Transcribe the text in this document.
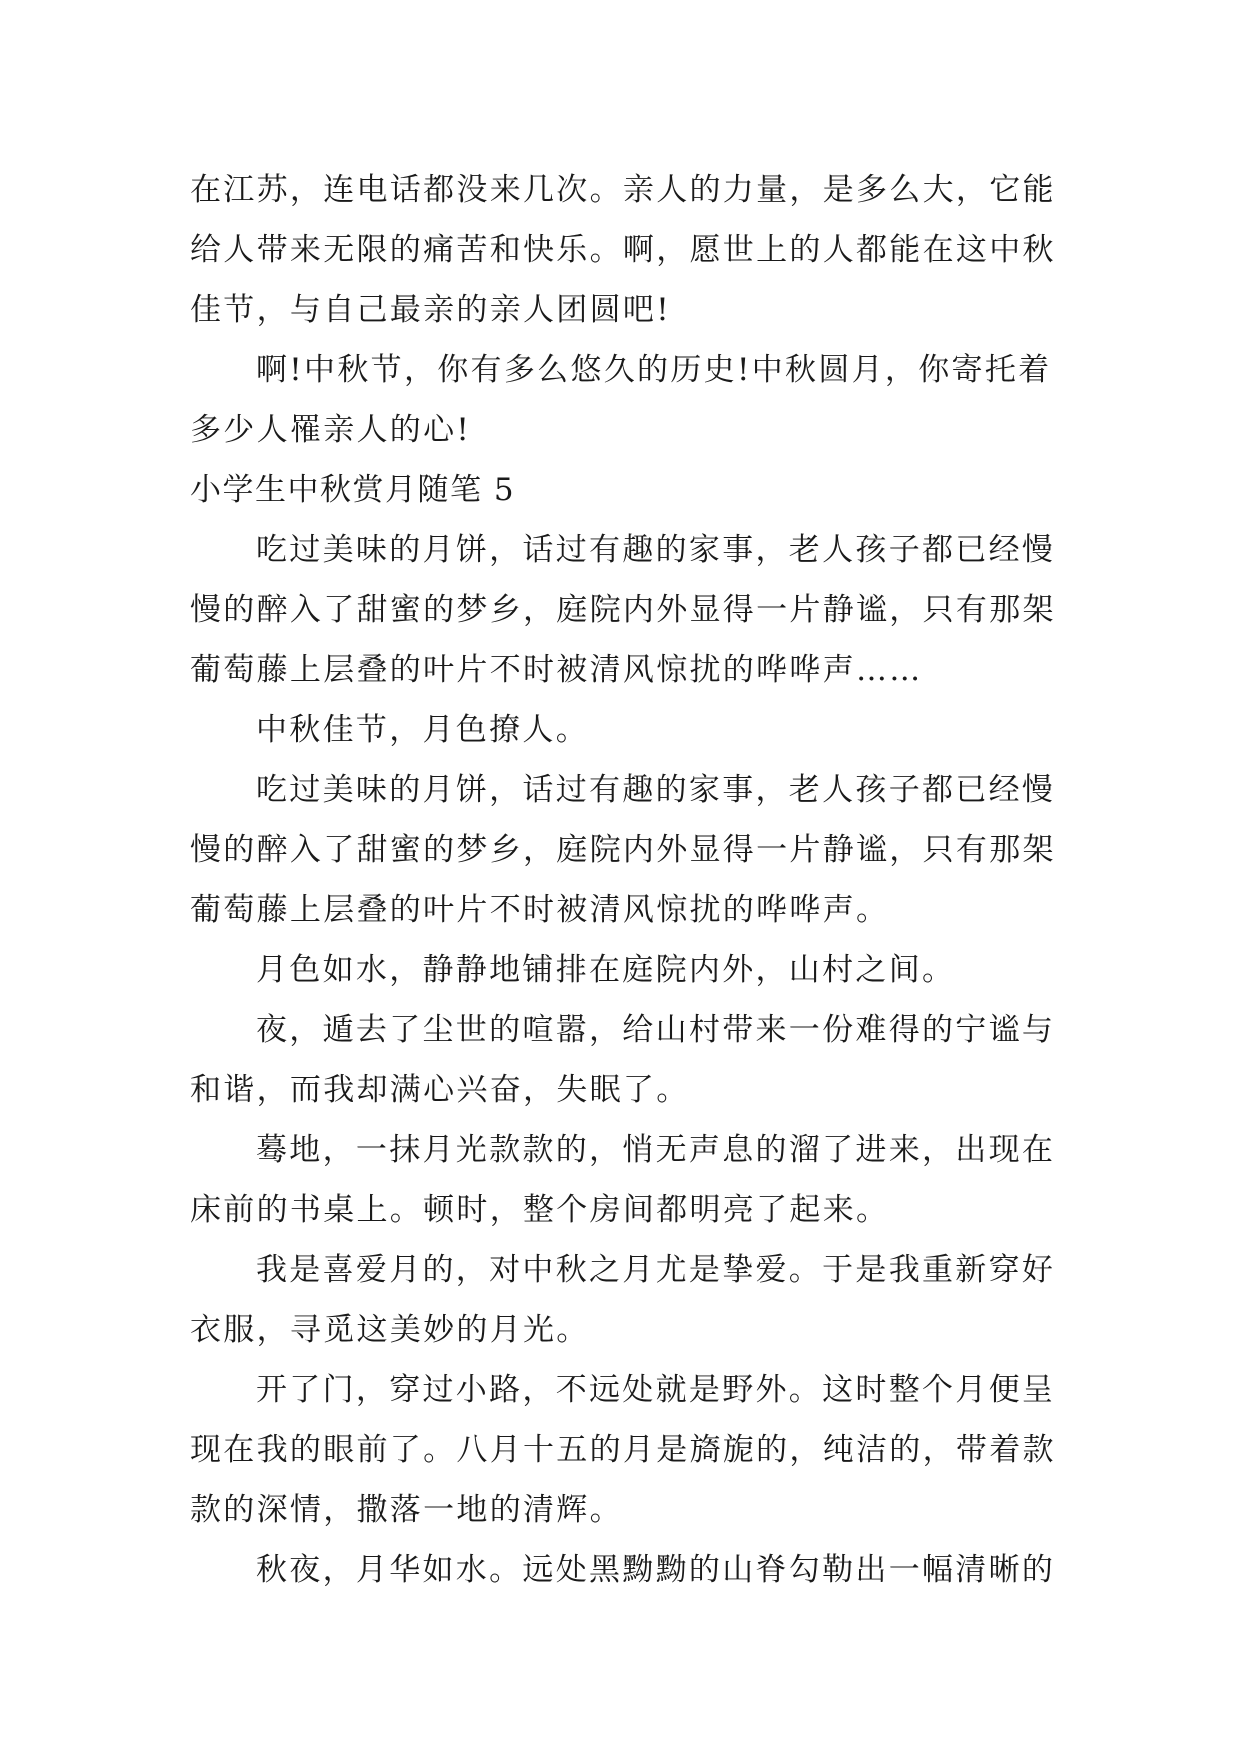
在江苏，连电话都没来几次。亲人的力量，是多么大，它能
给人带来无限的痛苦和快乐。啊，愿世上的人都能在这中秋
佳节，与自己最亲的亲人团圆吧!
啊!中秋节，你有多么悠久的历史!中秋圆月，你寄托着
多少人罹亲人的心!
小学生中秋赏月随笔 5
吃过美味的月饼，话过有趣的家事，老人孩子都已经慢
慢的醉入了甜蜜的梦乡，庭院内外显得一片静谧，只有那架
葡萄藤上层叠的叶片不时被清风惊扰的哗哗声……
中秋佳节，月色撩人。
吃过美味的月饼，话过有趣的家事，老人孩子都已经慢
慢的醉入了甜蜜的梦乡，庭院内外显得一片静谧，只有那架
葡萄藤上层叠的叶片不时被清风惊扰的哗哗声。
月色如水，静静地铺排在庭院内外，山村之间。
夜，遁去了尘世的喧嚣，给山村带来一份难得的宁谧与
和谐，而我却满心兴奋，失眠了。
蓦地，一抹月光款款的，悄无声息的溜了进来，出现在
床前的书桌上。顿时，整个房间都明亮了起来。
我是喜爱月的，对中秋之月尤是挚爱。于是我重新穿好
衣服，寻觅这美妙的月光。
开了门，穿过小路，不远处就是野外。这时整个月便呈
现在我的眼前了。八月十五的月是旖旎的，纯洁的，带着款
款的深情，撒落一地的清辉。
秋夜，月华如水。远处黑黝黝的山脊勾勒出一幅清晰的
